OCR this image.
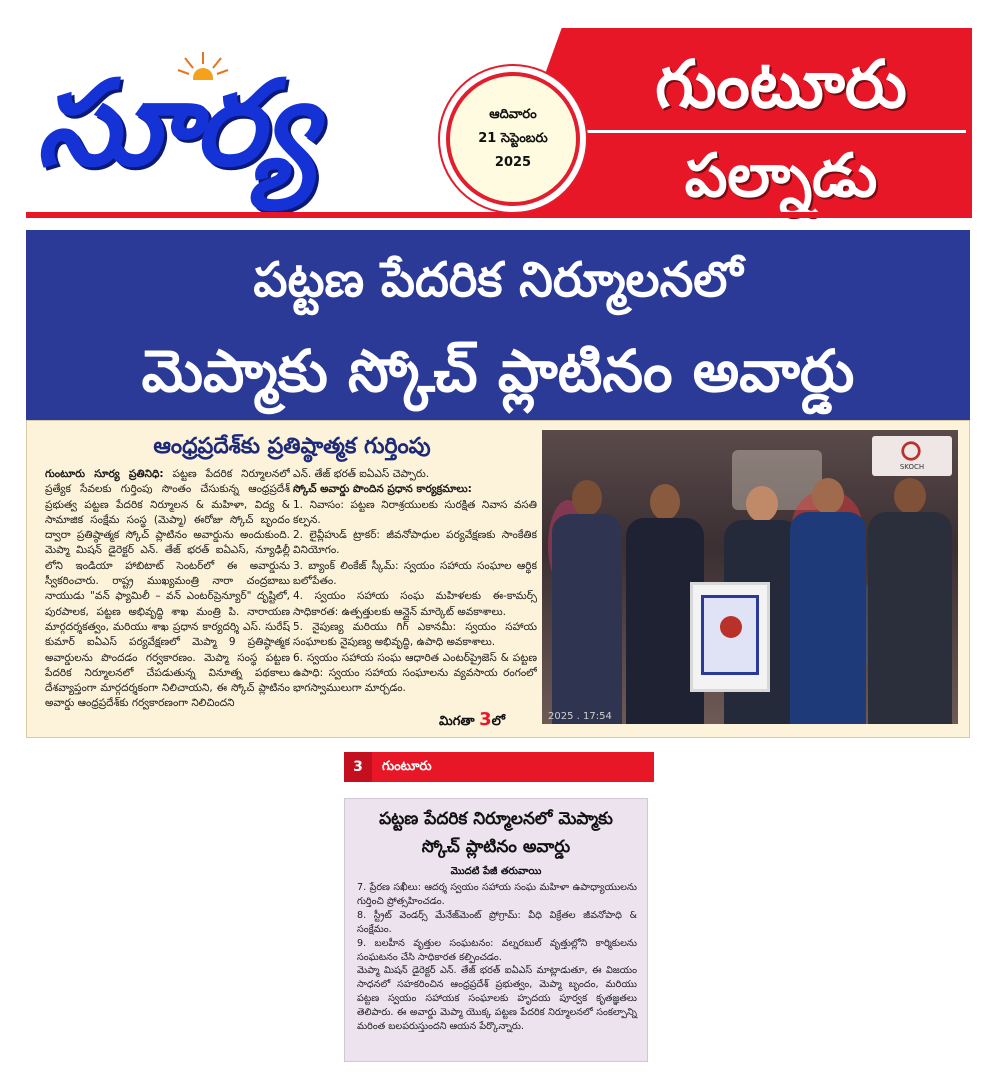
సూర్య	గుంటూరు
పల్నాడు
ఆదివారం
21 సెప్టెంబరు
2025
పట్టణ పేదరిక నిర్మూలనలో
మెప్మాకు స్కోచ్ ప్లాటినం అవార్డు
ఆంధ్రప్రదేశ్‌కు ప్రతిష్ఠాత్మక గుర్తింపు
గుంటూరు సూర్య ప్రతినిధి: పట్టణ పేదరిక నిర్మూలనలో ప్రత్యేక సేవలకు గుర్తింపు సొంతం చేసుకున్న ఆంధ్రప్రదేశ్ ప్రభుత్వ పట్టణ పేదరిక నిర్మూలన & మహిళా, విద్య & సామాజిక సంక్షేమ సంస్థ (మెప్మా) ఈరోజు స్కోచ్ బృందం ద్వారా ప్రతిష్ఠాత్మక స్కోచ్ ప్లాటినం అవార్డును అందుకుంది. మెప్మా మిషన్ డైరెక్టర్ ఎన్. తేజ్ భరత్ ఐఏఎస్, న్యూఢిల్లీ లోని ఇండియా హాబిటాట్ సెంటర్‌లో ఈ అవార్డును స్వీకరించారు. రాష్ట్ర ముఖ్యమంత్రి నారా చంద్రబాబు నాయుడు "వన్ ఫ్యామిలీ – వన్ ఎంటర్‌ప్రెన్యూర్" దృష్టిలో, పురపాలక, పట్టణ అభివృద్ధి శాఖ మంత్రి పి. నారాయణ మార్గదర్శకత్వం, మరియు శాఖ ప్రధాన కార్యదర్శి ఎస్. సురేష్ కుమార్ ఐఏఎస్ పర్యవేక్షణలో మెప్మా 9 ప్రతిష్ఠాత్మక అవార్డులను పొందడం గర్వకారణం. మెప్మా సంస్థ పట్టణ పేదరిక నిర్మూలనలో చేపడుతున్న వినూత్న పథకాలు దేశవ్యాప్తంగా మార్గదర్శకంగా నిలిచాయని, ఈ స్కోచ్ ప్లాటినం అవార్డు ఆంధ్రప్రదేశ్‌కు గర్వకారణంగా నిలిచిందని
ఎన్. తేజ్ భరత్ ఐఏఎస్ చెప్పారు.
స్కోచ్ అవార్డు పొందిన ప్రధాన కార్యక్రమాలు:
1. నివాసం: పట్టణ నిరాశ్రయులకు సురక్షిత నివాస వసతి కల్పన.
2. లైవ్లీహుడ్ ట్రాకర్: జీవనోపాధుల పర్యవేక్షణకు సాంకేతిక వినియోగం.
3. బ్యాంక్ లింకేజ్ స్కీమ్: స్వయం సహాయ సంఘాల ఆర్థిక బలోపేతం.
4. స్వయం సహాయ సంఘ మహిళలకు ఈ-కామర్స్ సాధికారత: ఉత్పత్తులకు ఆన్లైన్ మార్కెట్ అవకాశాలు.
5. నైపుణ్య మరియు గిగ్ ఎకానమీ: స్వయం సహాయ సంఘాలకు నైపుణ్య అభివృద్ధి, ఉపాధి అవకాశాలు.
6. స్వయం సహాయ సంఘ ఆధారిత ఎంటర్‌ప్రైజెస్ & పట్టణ ఉపాధి: స్వయం సహాయ సంఘాలను వ్యవసాయ రంగంలో భాగస్వాములుగా మార్చడం.
మిగతా 3లో
SKOCH
2025 . 17:54
3	గుంటూరు
పట్టణ పేదరిక నిర్మూలనలో మెప్మాకు
స్కోచ్ ప్లాటినం అవార్డు
మొదటి పేజీ తరువాయి
7. ప్రేరణ సఖీలు: ఆదర్శ స్వయం సహాయ సంఘ మహిళా ఉపాధ్యాయులను గుర్తించి ప్రోత్సహించడం.
8. స్ట్రీట్ వెండర్స్ మేనేజ్‌మెంట్ ప్రోగ్రామ్: వీధి విక్రేతల జీవనోపాధి & సంక్షేమం.
9. బలహీన వృత్తుల సంఘటనం: వల్నరబుల్ వృత్తుల్లోని కార్మికులను సంఘటనం చేసి సాధికారత కల్పించడం.
మెప్మా మిషన్ డైరెక్టర్ ఎన్. తేజ్ భరత్ ఐఏఎస్ మాట్లాడుతూ, ఈ విజయం సాధనలో సహకరించిన ఆంధ్రప్రదేశ్ ప్రభుత్వం, మెప్మా బృందం, మరియు పట్టణ స్వయం సహాయక సంఘాలకు హృదయ పూర్వక కృతజ్ఞతలు తెలిపారు. ఈ అవార్డు మెప్మా యొక్క పట్టణ పేదరిక నిర్మూలనలో సంకల్పాన్ని మరింత బలపరుస్తుందని ఆయన పేర్కొన్నారు.
